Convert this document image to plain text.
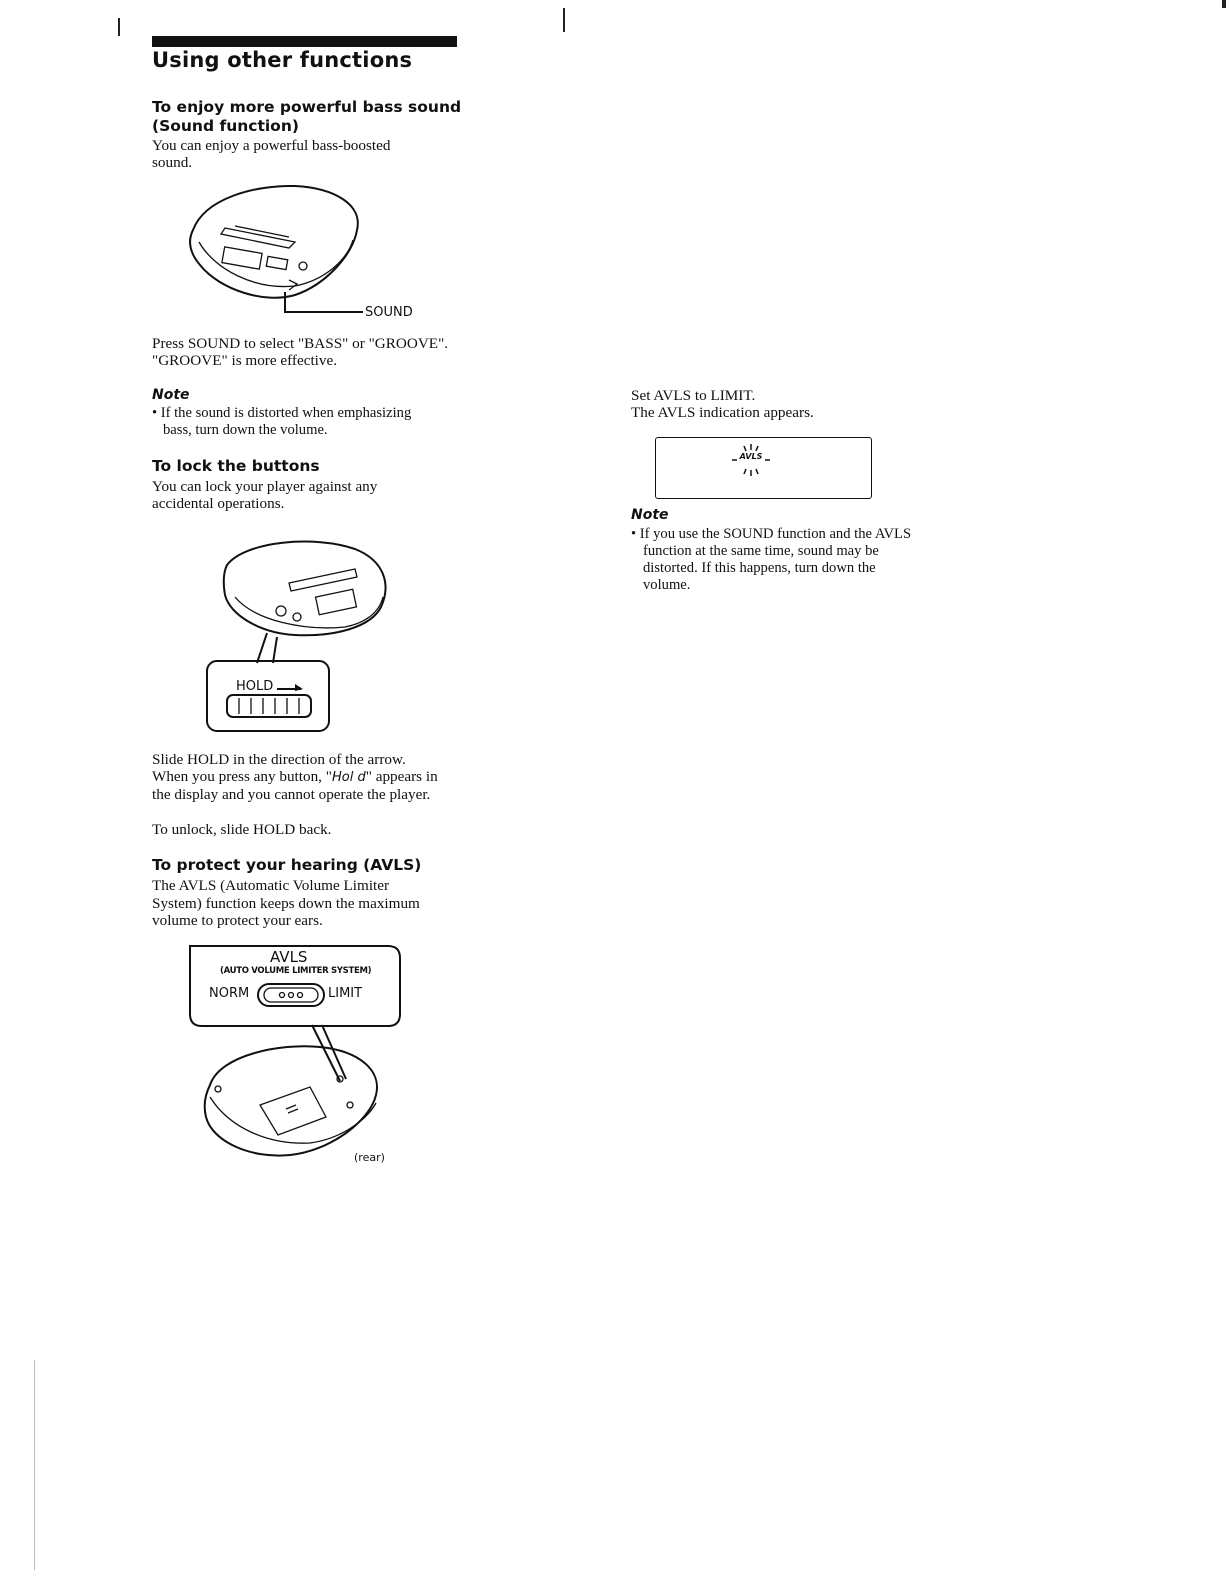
Using other functions
To enjoy more powerful bass sound
(Sound function)
You can enjoy a powerful bass-boosted
sound.
SOUND
Press SOUND to select "BASS" or "GROOVE".
"GROOVE" is more effective.
Note
• If the sound is distorted when emphasizing
bass, turn down the volume.
To lock the buttons
You can lock your player against any
accidental operations.
HOLD
Slide HOLD in the direction of the arrow.
When you press any button, "Hol d" appears in
the display and you cannot operate the player.
To unlock, slide HOLD back.
To protect your hearing (AVLS)
The AVLS (Automatic Volume Limiter
System) function keeps down the maximum
volume to protect your ears.
AVLS
(AUTO VOLUME LIMITER SYSTEM)
NORM	LIMIT
(rear)
Set AVLS to LIMIT.
The AVLS indication appears.
AVLS
Note
• If you use the SOUND function and the AVLS
function at the same time, sound may be
distorted. If this happens, turn down the
volume.
